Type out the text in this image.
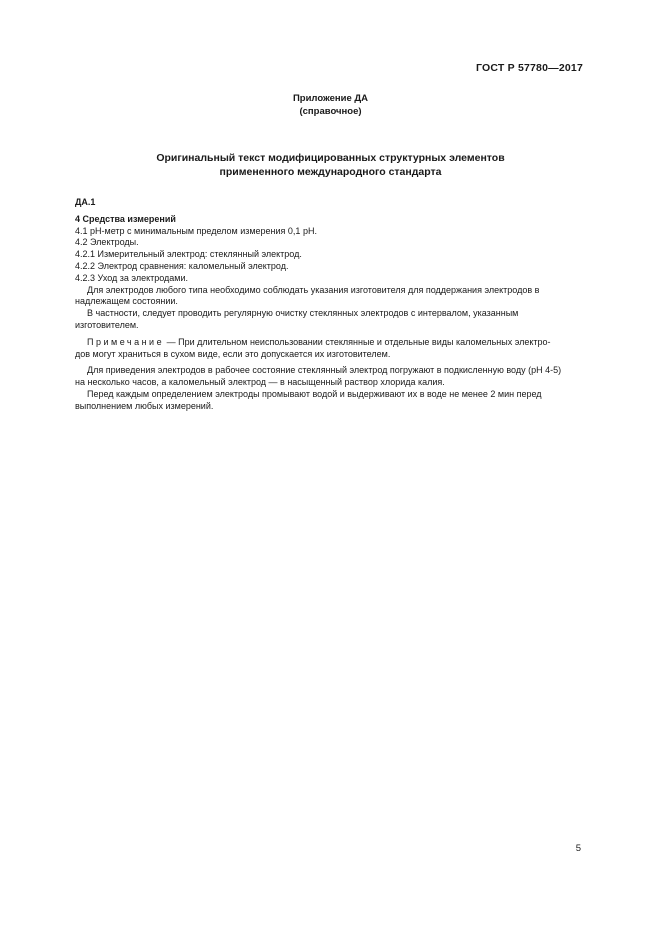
ГОСТ Р 57780—2017
Приложение ДА
(справочное)
Оригинальный текст модифицированных структурных элементов
примененного международного стандарта

ДА.1

4 Средства измерений

4.1 рН-метр с минимальным пределом измерения 0,1 рН.

4.2 Электроды.

4.2.1 Измерительный электрод: стеклянный электрод.

4.2.2 Электрод сравнения: каломельный электрод.

4.2.3 Уход за электродами.

Для электродов любого типа необходимо соблюдать указания изготовителя для поддержания электродов в

надлежащем состоянии.

В частности, следует проводить регулярную очистку стеклянных электродов с интервалом, указанным

изготовителем.

Примечание — При длительном неиспользовании стеклянные и отдельные виды каломельных электро-

дов могут храниться в сухом виде, если это допускается их изготовителем.

Для приведения электродов в рабочее состояние стеклянный электрод погружают в подкисленную воду (рН 4-5)

на несколько часов, а каломельный электрод — в насыщенный раствор хлорида калия.

Перед каждым определением электроды промывают водой и выдерживают их в воде не менее 2 мин перед

выполнением любых измерений.

5
